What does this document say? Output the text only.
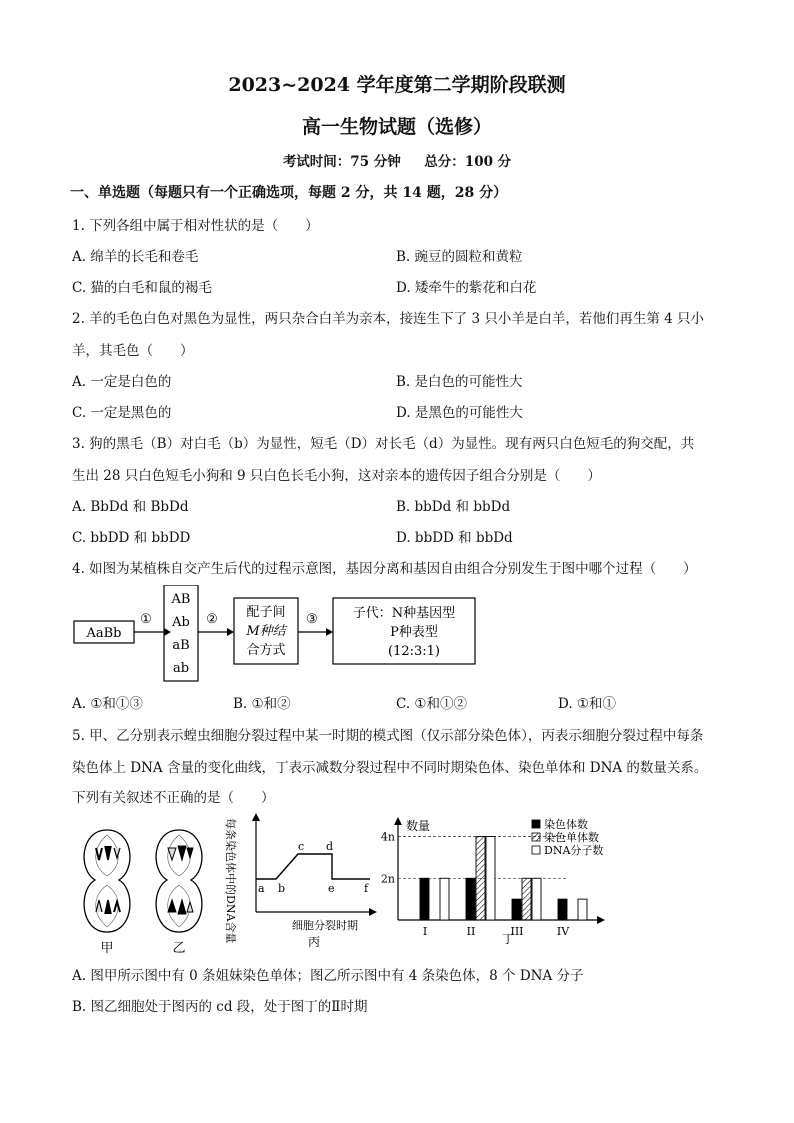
2023~2024 学年度第二学期阶段联测
高一生物试题（选修）
考试时间：75 分钟     总分：100 分
一、单选题（每题只有一个正确选项，每题 2 分，共 14 题，28 分）
1. 下列各组中属于相对性状的是（　　）
A. 绵羊的长毛和卷毛	B. 豌豆的圆粒和黄粒
C. 猫的白毛和鼠的褐毛	D. 矮牵牛的紫花和白花
2. 羊的毛色白色对黑色为显性，两只杂合白羊为亲本，接连生下了 3 只小羊是白羊，若他们再生第 4 只小
羊，其毛色（　　）
A. 一定是白色的	B. 是白色的可能性大
C. 一定是黑色的	D. 是黑色的可能性大
3. 狗的黑毛（B）对白毛（b）为显性，短毛（D）对长毛（d）为显性。现有两只白色短毛的狗交配，共
生出 28 只白色短毛小狗和 9 只白色长毛小狗，这对亲本的遗传因子组合分别是（　　）
A. BbDd 和 BbDd	B. bbDd 和 bbDd
C. bbDD 和 bbDD	D. bbDD 和 bbDd
4. 如图为某植株自交产生后代的过程示意图，基因分离和基因自由组合分别发生于图中哪个过程（　　）
AaBb
①
AB
Ab
aB
ab
② 配子间
M种结
合方式
③	子代：N种基因型
P种表型
(12:3:1)
A. ①和①③	B. ①和②	C. ①和①②	D. ①和①
5. 甲、乙分别表示蝗虫细胞分裂过程中某一时期的模式图（仅示部分染色体），丙表示细胞分裂过程中每条
染色体上 DNA 含量的变化曲线，丁表示减数分裂过程中不同时期染色体、染色单体和 DNA 的数量关系。
下列有关叙述不正确的是（　　）
甲	乙
每条染色体中的DNA含量 a b
c d
e	f
细胞分裂时期
丙
数量
2n
4n
I	II	III	IV
染色体数
染色单体数
DNA分子数
丁
A. 图甲所示图中有 0 条姐妹染色单体；图乙所示图中有 4 条染色体，8 个 DNA 分子
B. 图乙细胞处于图丙的 cd 段，处于图丁的Ⅱ时期
